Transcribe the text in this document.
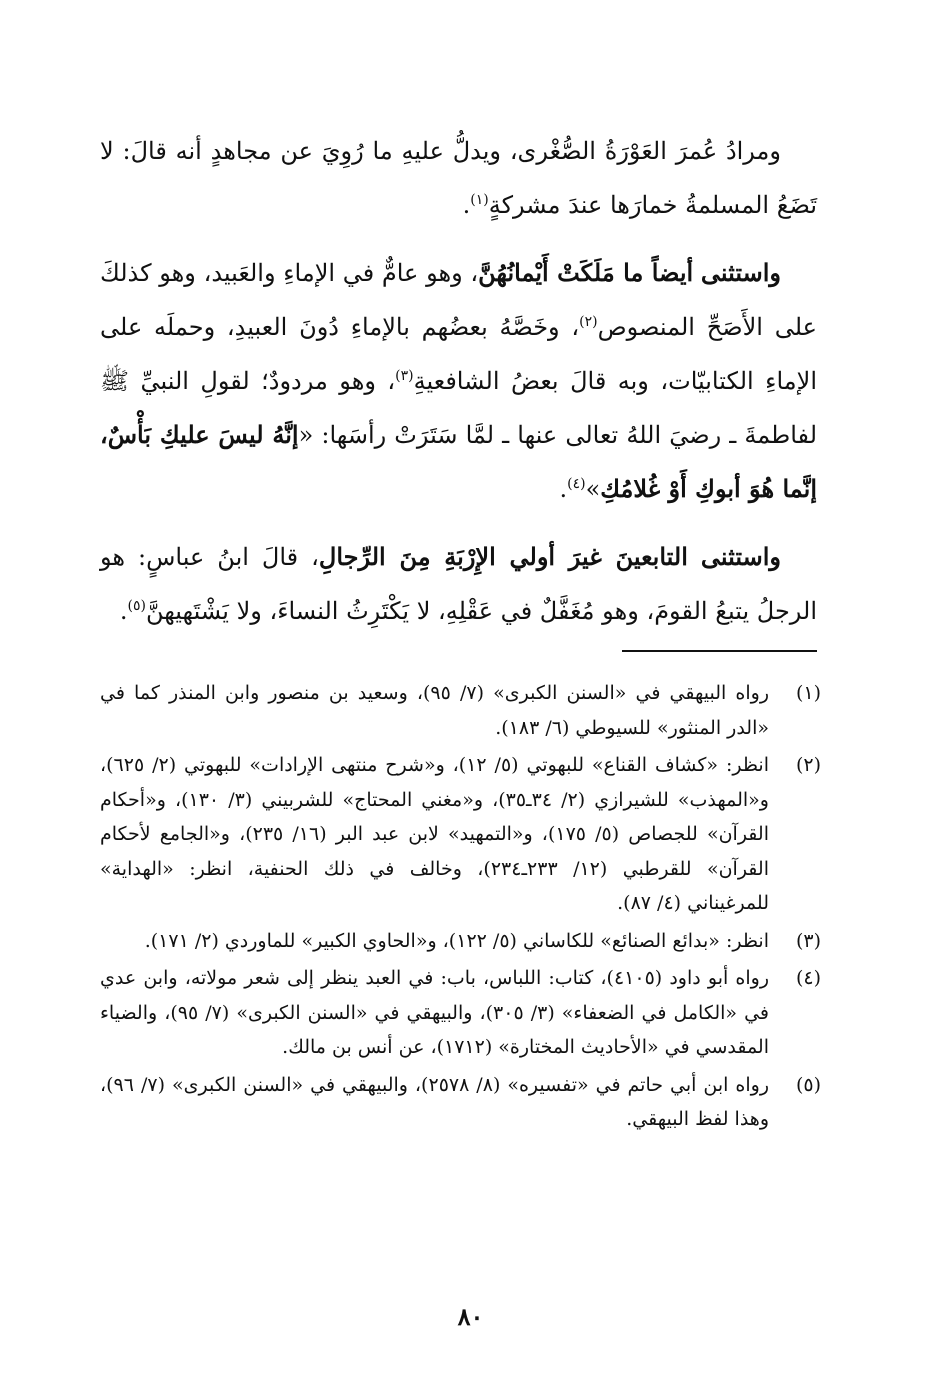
ومرادُ عُمرَ العَوْرَةُ الصُّغْرى، ويدلُّ عليهِ ما رُوِيَ عن مجاهدٍ أنه قالَ: لا تَضَعُ المسلمةُ خمارَها عندَ مشركةٍ$^{(١)}$.

واستثنى أيضاً ما مَلَكَتْ أَيْمانُهُنَّ، وهو عامٌّ في الإماءِ والعَبيد، وهو كذلكَ على الأَصَحِّ المنصوص$^{(٢)}$، وخَصَّهُ بعضُهم بالإماءِ دُونَ العبيدِ، وحملَه على الإماءِ الكتابيّات، وبه قالَ بعضُ الشافعيةِ$^{(٣)}$، وهو مردودٌ؛ لقولِ النبيِّ ﷺ لفاطمةَ ـ رضيَ اللهُ تعالى عنها ـ لمَّا سَتَرَتْ رأسَها: «إنَّهُ ليسَ عليكِ بَأْسٌ، إنَّما هُوَ أبوكِ أَوْ غُلامُكِ»$^{(٤)}$.

واستثنى التابعينَ غيرَ أولي الإِرْبَةِ مِنَ الرِّجالِ، قالَ ابنُ عباسٍ: هو الرجلُ يتبعُ القومَ، وهو مُغَفَّلٌ في عَقْلِهِ، لا يَكْتَرِثُ النساءَ، ولا يَشْتَهيهنَّ$^{(٥)}$.

(١)
رواه البيهقي في «السنن الكبرى» (٧/ ٩٥)، وسعيد بن منصور وابن المنذر كما في «الدر المنثور» للسيوطي (٦/ ١٨٣).
(٢)
انظر: «كشاف القناع» للبهوتي (٥/ ١٢)، و«شرح منتهى الإرادات» للبهوتي (٢/ ٦٢٥)، و«المهذب» للشيرازي (٢/ ٣٤ـ٣٥)، و«مغني المحتاج» للشربيني (٣/ ١٣٠)، و«أحكام القرآن» للجصاص (٥/ ١٧٥)، و«التمهيد» لابن عبد البر (١٦/ ٢٣٥)، و«الجامع لأحكام القرآن» للقرطبي (١٢/ ٢٣٣ـ٢٣٤)، وخالف في ذلك الحنفية، انظر: «الهداية» للمرغيناني (٤/ ٨٧).
(٣)
انظر: «بدائع الصنائع» للكاساني (٥/ ١٢٢)، و«الحاوي الكبير» للماوردي (٢/ ١٧١).
(٤)
رواه أبو داود (٤١٠٥)، كتاب: اللباس، باب: في العبد ينظر إلى شعر مولاته، وابن عدي في «الكامل في الضعفاء» (٣/ ٣٠٥)، والبيهقي في «السنن الكبرى» (٧/ ٩٥)، والضياء المقدسي في «الأحاديث المختارة» (١٧١٢)، عن أنس بن مالك.
(٥)
رواه ابن أبي حاتم في «تفسيره» (٨/ ٢٥٧٨)، والبيهقي في «السنن الكبرى» (٧/ ٩٦)، وهذا لفظ البيهقي.
٨٠
